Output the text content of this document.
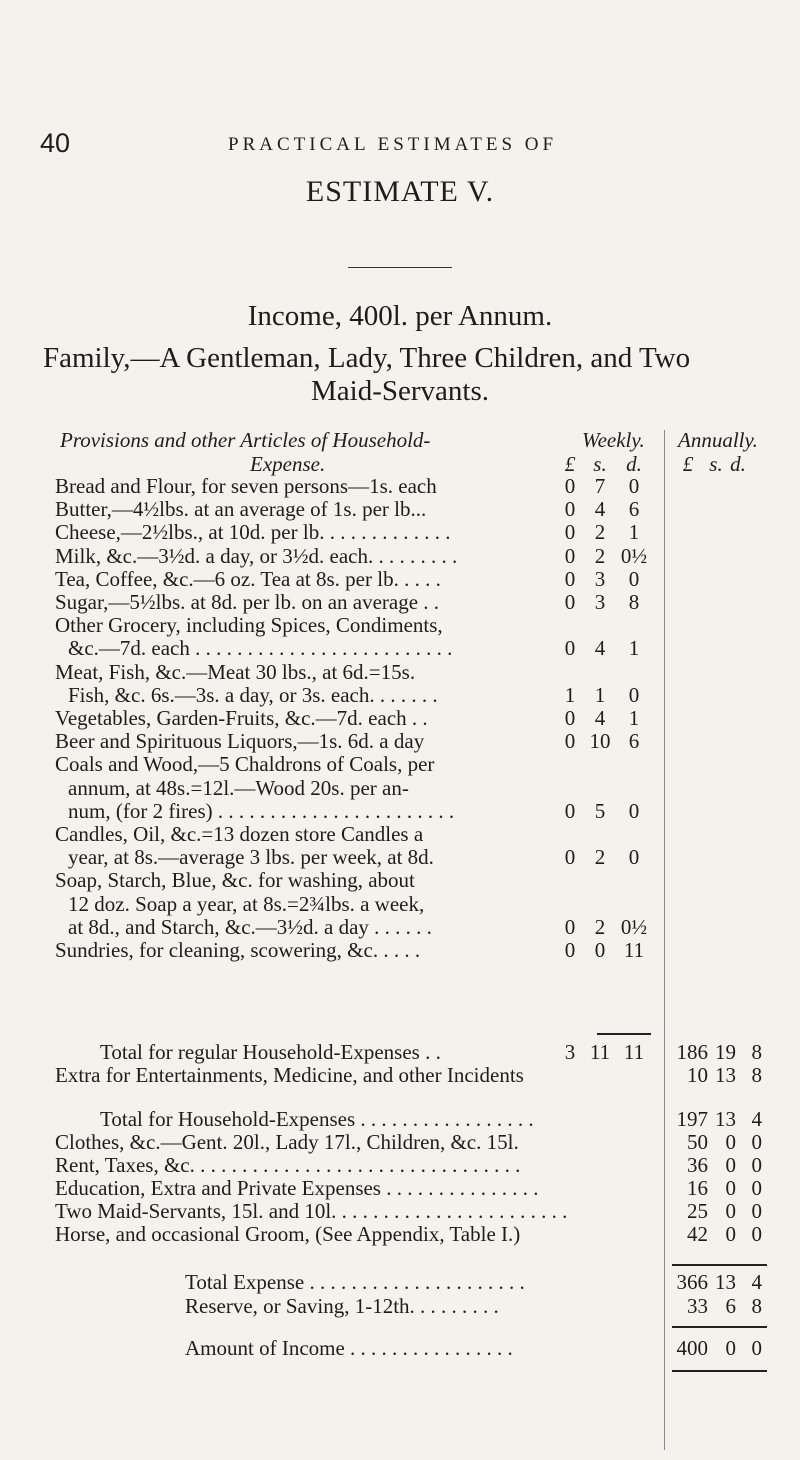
40	PRACTICAL ESTIMATES OF
ESTIMATE V.
Income, 400l. per Annum.
Family,—A Gentleman, Lady, Three Children, and Two
Maid-Servants.
Provisions and other Articles of Household-
Expense.
Weekly. Annually.
£ s. d.	£ s. d.
Bread and Flour, for seven persons—1s. each	0 7	0
Butter,—4½lbs. at an average of 1s. per lb...	0 4	6
Cheese,—2½lbs., at 10d. per lb. . . . . . . . . . . . .	0 2	1
Milk, &c.—3½d. a day, or 3½d. each. . . . . . . . .	0 2 0½
Tea, Coffee, &c.—6 oz. Tea at 8s. per lb. . . . .	0 3	0
Sugar,—5½lbs. at 8d. per lb. on an average . .	0 3	8
Other Grocery, including Spices, Condiments,
&c.—7d. each . . . . . . . . . . . . . . . . . . . . . . . . .	0 4	1
Meat, Fish, &c.—Meat 30 lbs., at 6d.=15s.
Fish, &c. 6s.—3s. a day, or 3s. each. . . . . . .	1 1	0
Vegetables, Garden-Fruits, &c.—7d. each . .	0 4	1
Beer and Spirituous Liquors,—1s. 6d. a day	0 10 6
Coals and Wood,—5 Chaldrons of Coals, per
annum, at 48s.=12l.—Wood 20s. per an-
num, (for 2 fires) . . . . . . . . . . . . . . . . . . . . . . .	0 5	0
Candles, Oil, &c.=13 dozen store Candles a
year, at 8s.—average 3 lbs. per week, at 8d.	0 2	0
Soap, Starch, Blue, &c. for washing, about
12 doz. Soap a year, at 8s.=2¾lbs. a week,
at 8d., and Starch, &c.—3½d. a day . . . . . .	0 2 0½
Sundries, for cleaning, scowering, &c. . . . .	0 0 11
Total for regular Household-Expenses . .	3 11 11	186 19 8
Extra for Entertainments, Medicine, and other Incidents	10 13 8
Total for Household-Expenses . . . . . . . . . . . . . . . . .	197 13 4
Clothes, &c.—Gent. 20l., Lady 17l., Children, &c. 15l.	50 0 0
Rent, Taxes, &c. . . . . . . . . . . . . . . . . . . . . . . . . . . . . . . .	36 0 0
Education, Extra and Private Expenses . . . . . . . . . . . . . . .	16 0 0
Two Maid-Servants, 15l. and 10l. . . . . . . . . . . . . . . . . . . . . . .	25 0 0
Horse, and occasional Groom, (See Appendix, Table I.)	42 0 0
Total Expense . . . . . . . . . . . . . . . . . . . . .	366 13 4
Reserve, or Saving, 1-12th. . . . . . . . .	33 6 8
Amount of Income . . . . . . . . . . . . . . . .	400 0 0
